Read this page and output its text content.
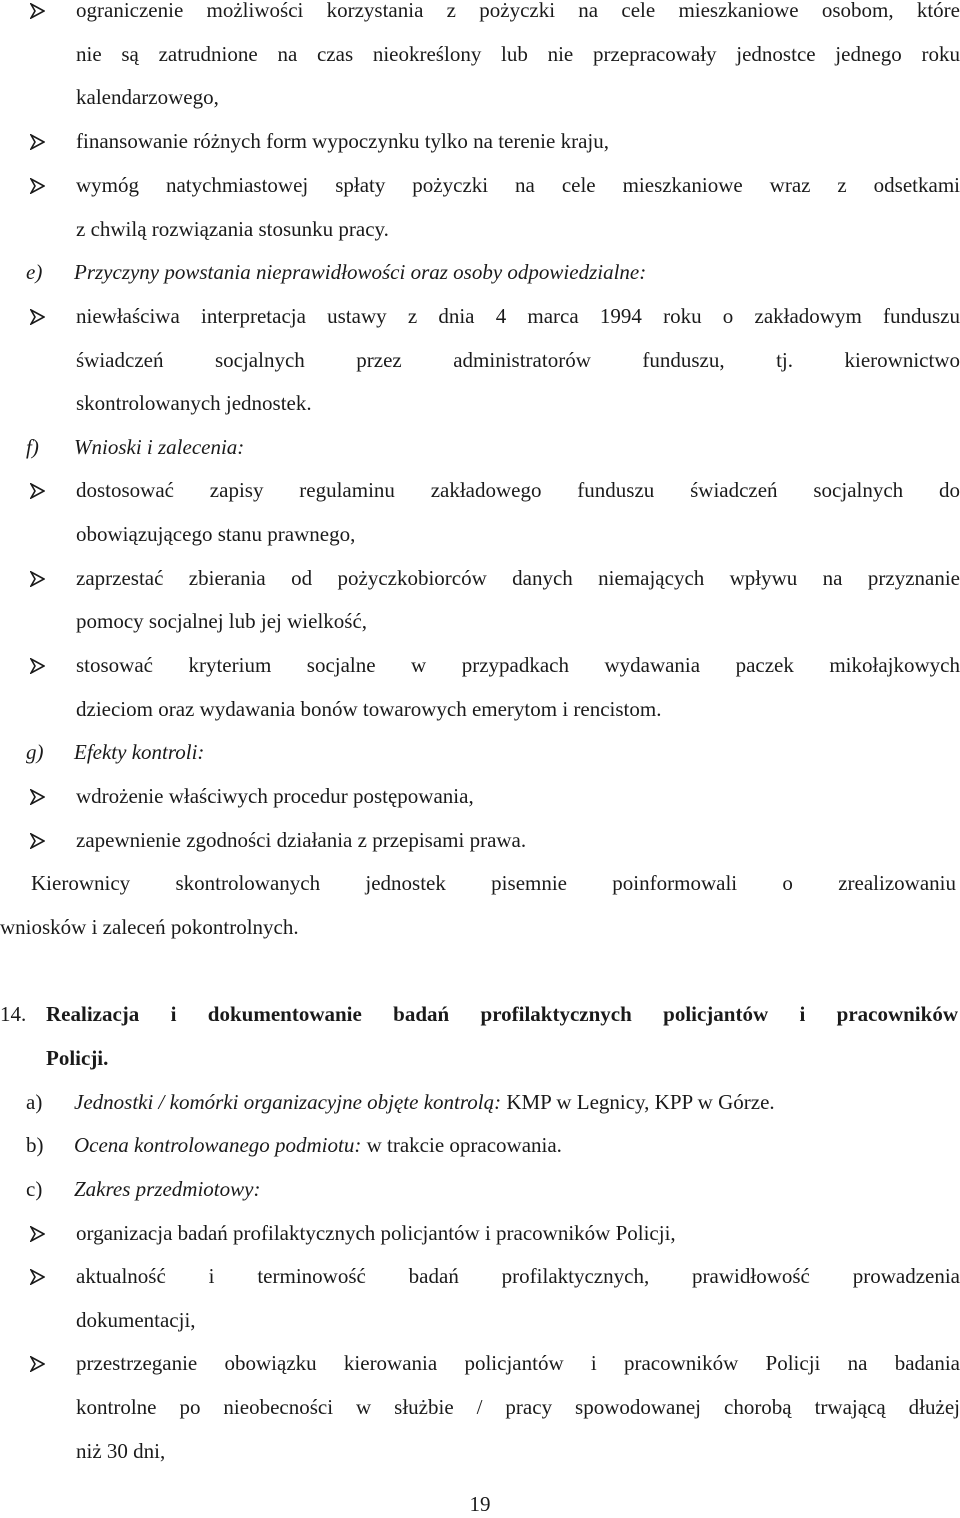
ograniczenie możliwości korzystania z pożyczki na cele mieszkaniowe osobom, które
nie są zatrudnione na czas nieokreślony lub nie przepracowały jednostce jednego roku
kalendarzowego,
finansowanie różnych form wypoczynku tylko na terenie kraju,
wymóg natychmiastowej spłaty pożyczki na cele mieszkaniowe wraz z odsetkami
z chwilą rozwiązania stosunku pracy.
e) Przyczyny powstania nieprawidłowości oraz osoby odpowiedzialne:
niewłaściwa interpretacja ustawy z dnia 4 marca 1994 roku o zakładowym funduszu
świadczeń socjalnych przez administratorów funduszu, tj. kierownictwo
skontrolowanych jednostek.
f) Wnioski i zalecenia:
dostosować zapisy regulaminu zakładowego funduszu świadczeń socjalnych do
obowiązującego stanu prawnego,
zaprzestać zbierania od pożyczkobiorców danych niemających wpływu na przyznanie
pomocy socjalnej lub jej wielkość,
stosować kryterium socjalne w przypadkach wydawania paczek mikołajkowych
dzieciom oraz wydawania bonów towarowych emerytom i rencistom.
g) Efekty kontroli:
wdrożenie właściwych procedur postępowania,
zapewnienie zgodności działania z przepisami prawa.
Kierownicy skontrolowanych jednostek pisemnie poinformowali o zrealizowaniu
wniosków i zaleceń pokontrolnych.
14. Realizacja i dokumentowanie badań profilaktycznych policjantów i pracowników
Policji.
a) Jednostki / komórki organizacyjne objęte kontrolą: KMP w Legnicy, KPP w Górze.
b) Ocena kontrolowanego podmiotu: w trakcie opracowania.
c) Zakres przedmiotowy:
organizacja badań profilaktycznych policjantów i pracowników Policji,
aktualność i terminowość badań profilaktycznych, prawidłowość prowadzenia
dokumentacji,
przestrzeganie obowiązku kierowania policjantów i pracowników Policji na badania
kontrolne po nieobecności w służbie / pracy spowodowanej chorobą trwającą dłużej
niż 30 dni,
19
